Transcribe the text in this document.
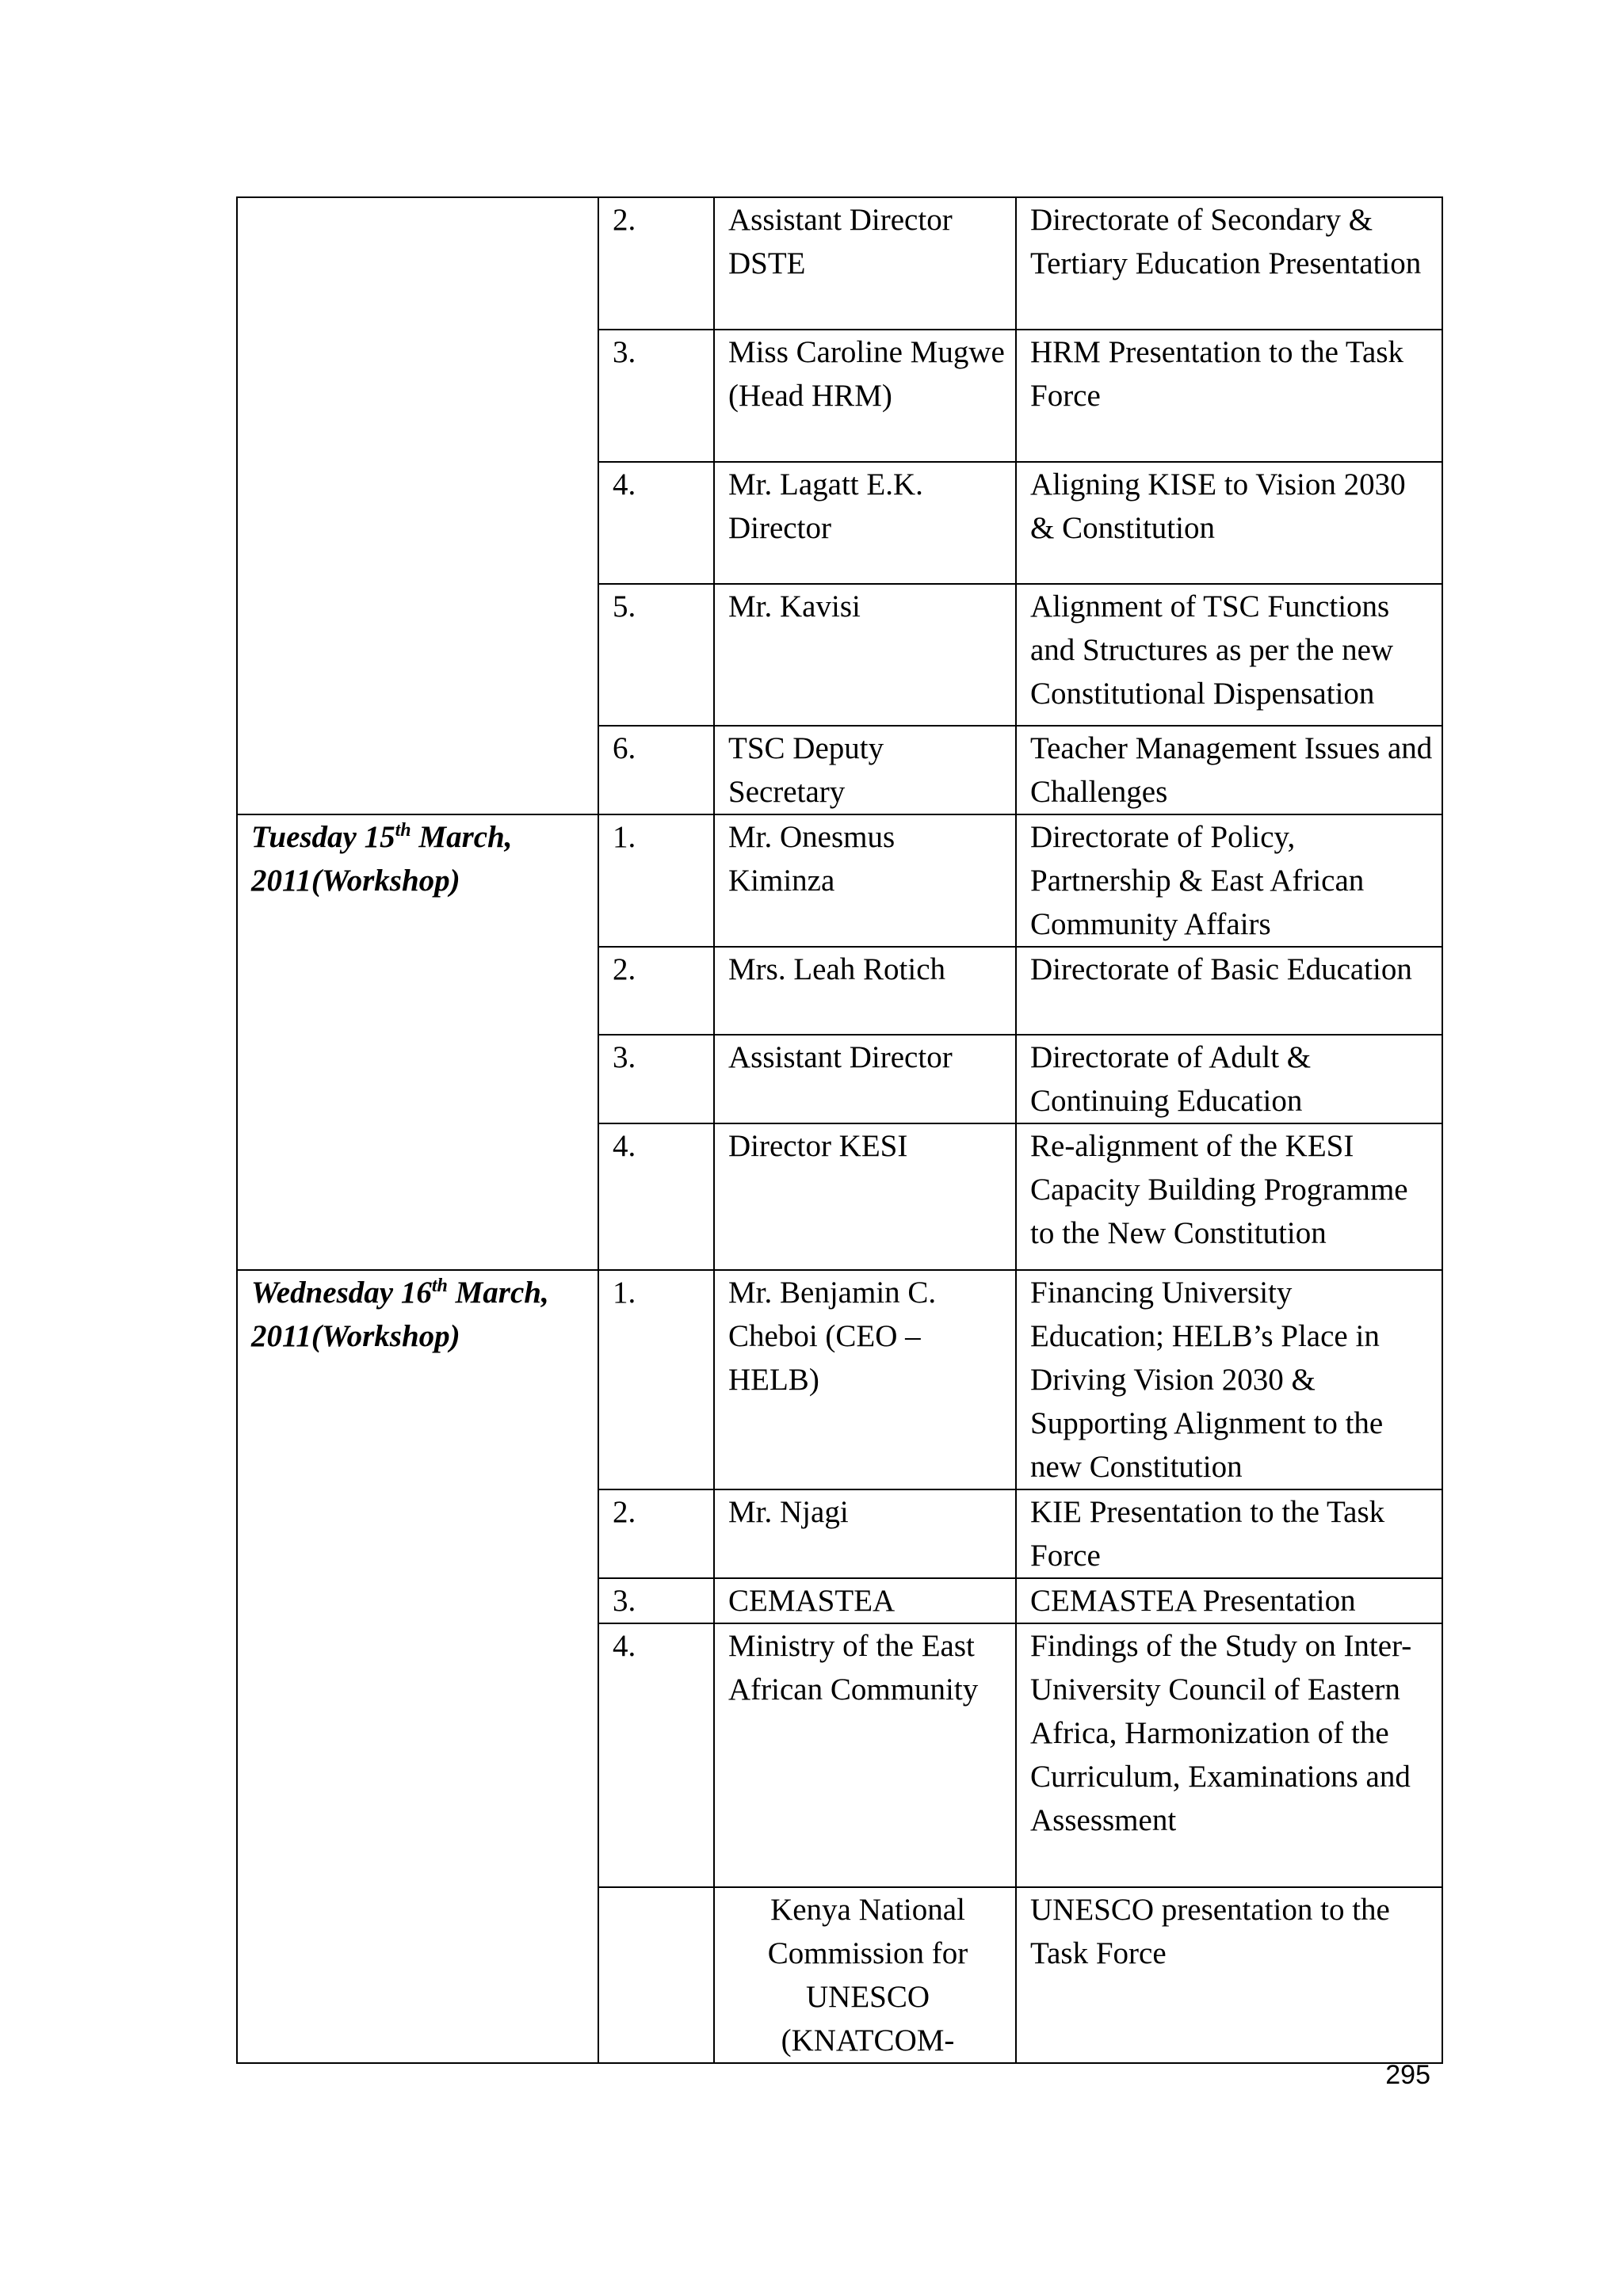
	2.	Assistant Director DSTE	Directorate of Secondary & Tertiary Education Presentation
	3.	Miss Caroline Mugwe (Head HRM)	HRM Presentation to the Task Force
	4.	Mr. Lagatt E.K. Director	Aligning KISE to Vision 2030 & Constitution
	5.	Mr. Kavisi	Alignment of TSC Functions and Structures as per the new Constitutional Dispensation
	6.	TSC Deputy Secretary	Teacher Management Issues and Challenges
Tuesday 15th March, 2011(Workshop)	1.	Mr. Onesmus Kiminza	Directorate of Policy, Partnership & East African Community Affairs
	2.	Mrs. Leah Rotich	Directorate of Basic Education
	3.	Assistant Director	Directorate of Adult & Continuing Education
	4.	Director KESI	Re-alignment of the KESI Capacity Building Programme to the New Constitution
Wednesday 16th March, 2011(Workshop)	1.	Mr. Benjamin C. Cheboi (CEO – HELB)	Financing University Education; HELB’s Place in Driving Vision 2030 & Supporting Alignment to the new Constitution
	2.	Mr. Njagi	KIE Presentation to the Task Force
	3.	CEMASTEA	CEMASTEA Presentation
	4.	Ministry of the East African Community	Findings of the Study on Inter-University Council of Eastern Africa, Harmonization of the Curriculum, Examinations and Assessment
		Kenya National Commission for UNESCO (KNATCOM-	UNESCO presentation to the Task Force
295
